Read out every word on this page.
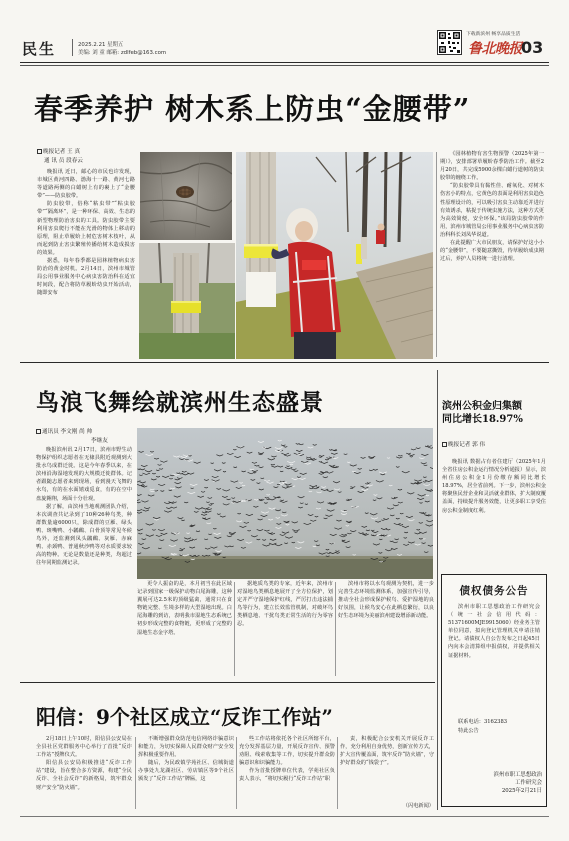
民生	2025.2.21 星期五
美编: 刘 童 邮箱: zdlfeb@163.com
下载新滨州 畅享品质生活
鲁北晚报 03
春季养护 树木系上防虫“金腰带”
晚报记者 王 真
通 讯 员 段春云

晚报讯 近日，邮心的市民也许发现，市城区黄河四路、渤海十一路、黄河七路等道路两侧的白蜡树上有的裹上了“金腰带”——防虫胶带。

防虫胶带，俗称“粘虫带”“粘虫胶带”“隔离环”，是一种环保、高效、生态的新型物理防治害虫的工具。防虫胶带主要利用害虫爬行不能在光滑的物体上移动的原理，阻止草履蚧上树危害树木枝叶，从而起到防止害虫繁殖传播给树木造成损害的效果。

据悉，每年春季都是园林植物病虫害防治的黄金时机。2月14日，滨州市城管局公用事业服务中心病虫害防治科在适宜时间段，配合将防草履蚧幼虫开始活动，随即安布

《园林植物有害生物预警（2025年第一期）》，安排部署草履蚧春季防治工作。截至2月20日，共完成5900余棵白蜡行道树的防虫胶带的缠绕工作。

“防虫胶带具有黏性佳、耐氧化、对树木伤害小的特点，它黄色的表面是利用害虫趋色性原理设计的，可以吸引害虫主动靠近并进行有效诱杀，粘捉于传统虫施方法，这种方式更为高效简便，安全环保。”该局防虫胶带的作用，滨州市城管局公用事业服务中心病虫害防治科科长刘凤华说道。

在此提醒广大市民朋友，请保护好这小小的“金腰带”，不要随意撕毁，待草履蚧成虫期过后，养护人员将统一进行清理。

鸟浪飞舞绘就滨州生态盛景
通讯员 李文刚 尚 帅
李继友

晚报滨州讯 2月17日，滨州市野生动物保护组织志愿者在无棣县附近观测到大批水鸟成群迁徙。这是今年春季以来，在滨州沿海湿地发现的大规模迁徙群体。记者跟随志愿者来到现场，看到漫天飞舞的水鸟，有的在水面嬉戏觅食，有的在空中盘旋翱翔，场面十分壮观。

据了解，由滨州当地观测团队介绍，本次调查共记录到了10种26种鸟类，种群数量逾6000只，除成群的豆雁、绿头鸭、斑嘴鸭、小鸊鷉、白骨顶等常见冬候鸟外，还监测到凤头鸊鷉、灰雁、赤麻鸭、赤颈鸭、普通秋沙鸭等对水质要求较高的物种。无论是数量还是种类，均超过往年同期监测记录。

更令人振奋的是，本月初当在此区域记录到国家一级保护动物白尾海雕，这种翼展可达2.5米的顶级猛禽，通常只在食物链完整、生境多样的大型湿地出现。白尾海雕的到访，表明我市湿地生态系统已初步形成完整的食物链，更形成了完整的湿地生态金字塔。

据地质鸟类的专家，近年来，滨州市对湿地鸟类栖息地展开了全方位保护，划定并严守湿地保护红线，严厉打击违法捕鸟等行为，建立长效监管机制，对破坏鸟类栖息地、干扰鸟类正常生活的行为零容忍。

滨州市将以水鸟观测为契机，进一步完善生态环境监测体系，加强宣传引导，推动全社会形成保护候鸟、爱护湿地的良好氛围，让候鸟安心在此栖息繁衍，以良好生态环境为美丽滨州建设增添新动能。

滨州公积金归集额
同比增长18.97%
晚报记者 郭 伟

晚报讯 数据占有者住建厅（2025年1月全省住房公积金运行情况分析通报）显示，滨州住房公积金1月份缴存额同比增长18.97%，居全省前列。下一步，滨州公积金将聚焦民营企业和灵活就业群体，扩大制度覆盖面，持续提升服务效能，让更多职工享受住房公积金制度红利。

债权债务公告

滨州市职工思想政治工作研究会（统一社会信用代码：51371600MJE9915060）经业务主管单位同意，拟向登记管理机关申请注销登记。请债权人自公告发布之日起45日内向本会清算组申报债权，并提供相关证据材料。

联系电话：3162383

特此公告

滨州市职工思想政治
工作研究会
2025年2月21日
阳信：9个社区成立“反诈工作站”

2月18日上午10时，阳信县公安局在全县社区党群服务中心举行了首批“反诈工作站”授牌仪式。

阳信县公安局积极推进“反诈工作站”建设，旨在整合多方资源，构建“全民反诈、全社会反诈”的新格局，筑牢群众财产安全“防火墙”。

不断增强群众防范电信网络诈骗意识和能力，为切实保障人民群众财产安全发挥积极重要作用。

随后，为民政镇学苑社区、信城街道办事处九龙湖社区、劳店镇区等9个社区颁发了“反诈工作站”牌匾，这

些工作站将依托各个社区所辖平台，充分发挥基层力量，开展反诈宣传、预警劝阻、线索收集等工作，切实提升群众防骗意识和识骗能力。

作为首批授牌单位代表，学苑社区负责人表示，“将切实履行“反诈工作站”职

责，积极配合公安机关开展反诈工作，充分利用自身优势，创新宣传方式，扩大宣传覆盖面，筑牢反诈“防火墙”，守护好群众的“钱袋子”。

（闪电新闻）
